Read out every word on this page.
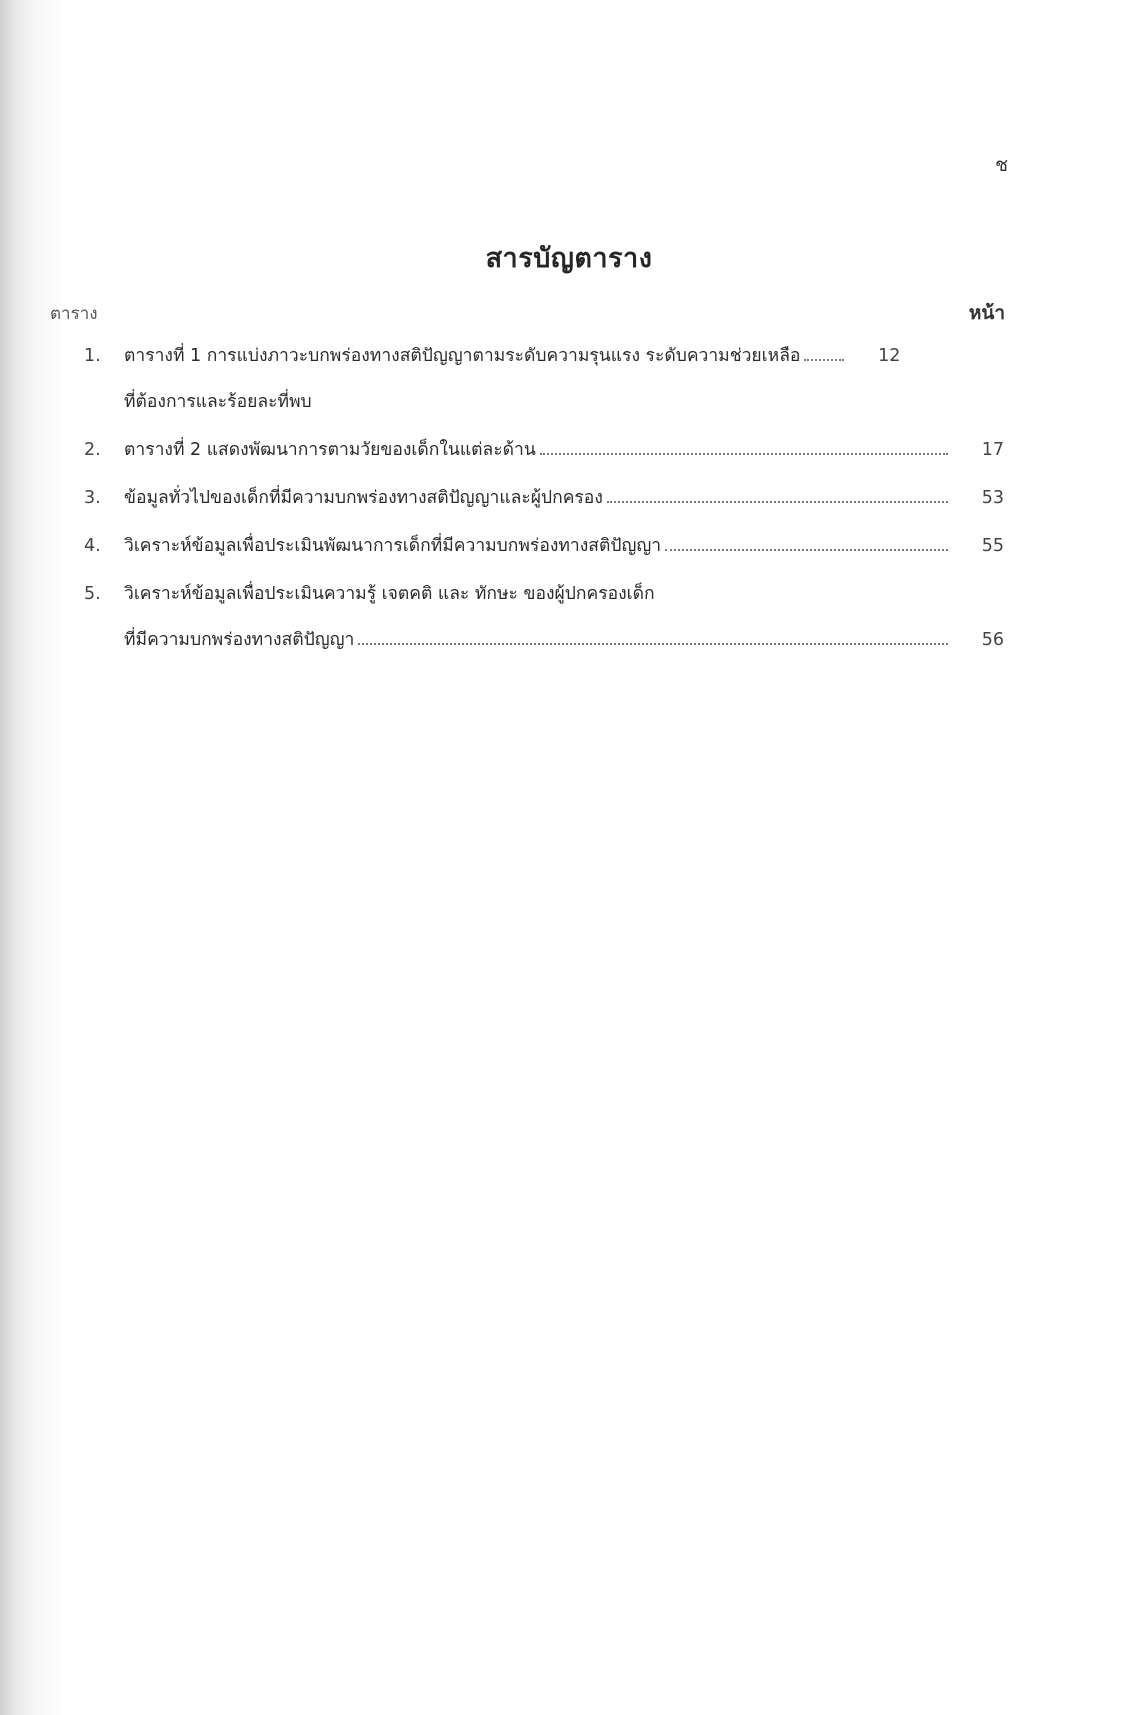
ช
สารบัญตาราง
ตาราง	หน้า
1.	ตารางที่ 1 การแบ่งภาวะบกพร่องทางสติปัญญาตามระดับความรุนแรง ระดับความช่วยเหลือ	12
ที่ต้องการและร้อยละที่พบ
2.	ตารางที่ 2 แสดงพัฒนาการตามวัยของเด็กในแต่ละด้าน	17
3.	ข้อมูลทั่วไปของเด็กที่มีความบกพร่องทางสติปัญญาและผู้ปกครอง	53
4.	วิเคราะห์ข้อมูลเพื่อประเมินพัฒนาการเด็กที่มีความบกพร่องทางสติปัญญา	55
5.	วิเคราะห์ข้อมูลเพื่อประเมินความรู้ เจตคติ และ ทักษะ ของผู้ปกครองเด็ก
ที่มีความบกพร่องทางสติปัญญา	56
